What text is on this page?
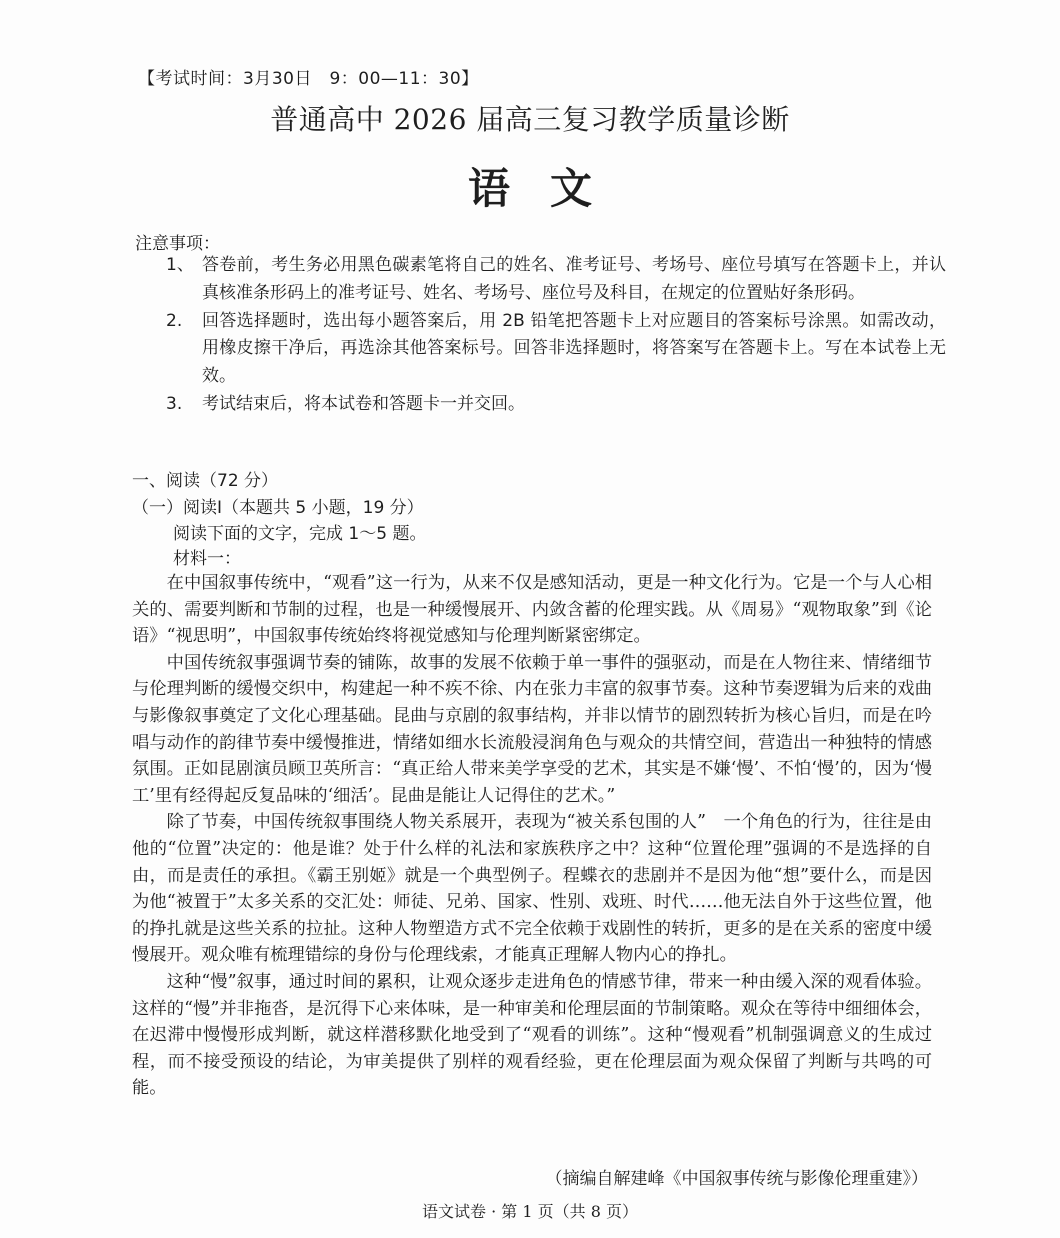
【考试时间：3月30日　9：00—11：30】
普通高中 2026 届高三复习教学质量诊断
语文
注意事项：
1、 答卷前，考生务必用黑色碳素笔将自己的姓名、准考证号、考场号、座位号填写在答题卡上，并认真核准条形码上的准考证号、姓名、考场号、座位号及科目，在规定的位置贴好条形码。
2.	回答选择题时，选出每小题答案后，用 2B 铅笔把答题卡上对应题目的答案标号涂黑。如需改动，用橡皮擦干净后，再选涂其他答案标号。回答非选择题时，将答案写在答题卡上。写在本试卷上无效。
3.	考试结束后，将本试卷和答题卡一并交回。
一、阅读（72 分）
（一）阅读Ⅰ（本题共 5 小题，19 分）
阅读下面的文字，完成 1～5 题。
材料一：

在中国叙事传统中，“观看”这一行为，从来不仅是感知活动，更是一种文化行为。它是一个与人心相关的、需要判断和节制的过程，也是一种缓慢展开、内敛含蓄的伦理实践。从《周易》“观物取象”到《论语》“视思明”，中国叙事传统始终将视觉感知与伦理判断紧密绑定。

中国传统叙事强调节奏的铺陈，故事的发展不依赖于单一事件的强驱动，而是在人物往来、情绪细节与伦理判断的缓慢交织中，构建起一种不疾不徐、内在张力丰富的叙事节奏。这种节奏逻辑为后来的戏曲与影像叙事奠定了文化心理基础。昆曲与京剧的叙事结构，并非以情节的剧烈转折为核心旨归，而是在吟唱与动作的韵律节奏中缓慢推进，情绪如细水长流般浸润角色与观众的共情空间，营造出一种独特的情感氛围。正如昆剧演员顾卫英所言：“真正给人带来美学享受的艺术，其实是不嫌‘慢’、不怕‘慢’的，因为‘慢工’里有经得起反复品味的‘细活’。昆曲是能让人记得住的艺术。”

除了节奏，中国传统叙事围绕人物关系展开，表现为“被关系包围的人”　一个角色的行为，往往是由他的“位置”决定的：他是谁？处于什么样的礼法和家族秩序之中？这种“位置伦理”强调的不是选择的自由，而是责任的承担。《霸王别姬》就是一个典型例子。程蝶衣的悲剧并不是因为他“想”要什么，而是因为他“被置于”太多关系的交汇处：师徒、兄弟、国家、性别、戏班、时代……他无法自外于这些位置，他的挣扎就是这些关系的拉扯。这种人物塑造方式不完全依赖于戏剧性的转折，更多的是在关系的密度中缓慢展开。观众唯有梳理错综的身份与伦理线索，才能真正理解人物内心的挣扎。

这种“慢”叙事，通过时间的累积，让观众逐步走进角色的情感节律，带来一种由缓入深的观看体验。这样的“慢”并非拖沓，是沉得下心来体味，是一种审美和伦理层面的节制策略。观众在等待中细细体会，在迟滞中慢慢形成判断，就这样潜移默化地受到了“观看的训练”。这种“慢观看”机制强调意义的生成过程，而不接受预设的结论，为审美提供了别样的观看经验，更在伦理层面为观众保留了判断与共鸣的可能。

（摘编自解建峰《中国叙事传统与影像伦理重建》）
语文试卷 · 第 1 页（共 8 页）
